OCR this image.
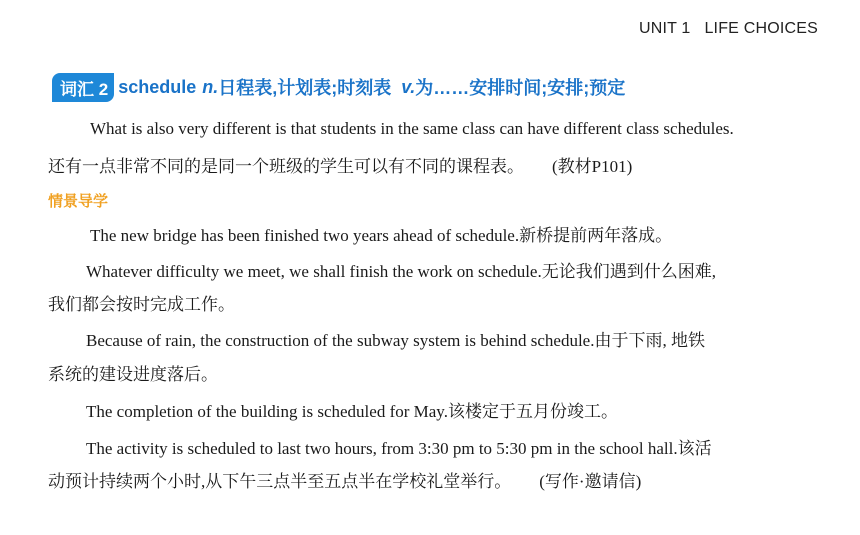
UNIT 1   LIFE CHOICES
词汇 2 schedule n. 日程表,计划表;时刻表 v. 为……安排时间;安排;预定
What is also very different is that students in the same class can have different class schedules.
还有一点非常不同的是同一个班级的学生可以有不同的课程表。 (教材P101)
情景导学
The new bridge has been finished two years ahead of schedule.新桥提前两年落成。
Whatever difficulty we meet, we shall finish the work on schedule.无论我们遇到什么困难,
我们都会按时完成工作。
Because of rain, the construction of the subway system is behind schedule.由于下雨, 地铁
系统的建设进度落后。
The completion of the building is scheduled for May.该楼定于五月份竣工。
The activity is scheduled to last two hours, from 3:30 pm to 5:30 pm in the school hall.该活
动预计持续两个小时,从下午三点半至五点半在学校礼堂举行。 (写作·邀请信)
